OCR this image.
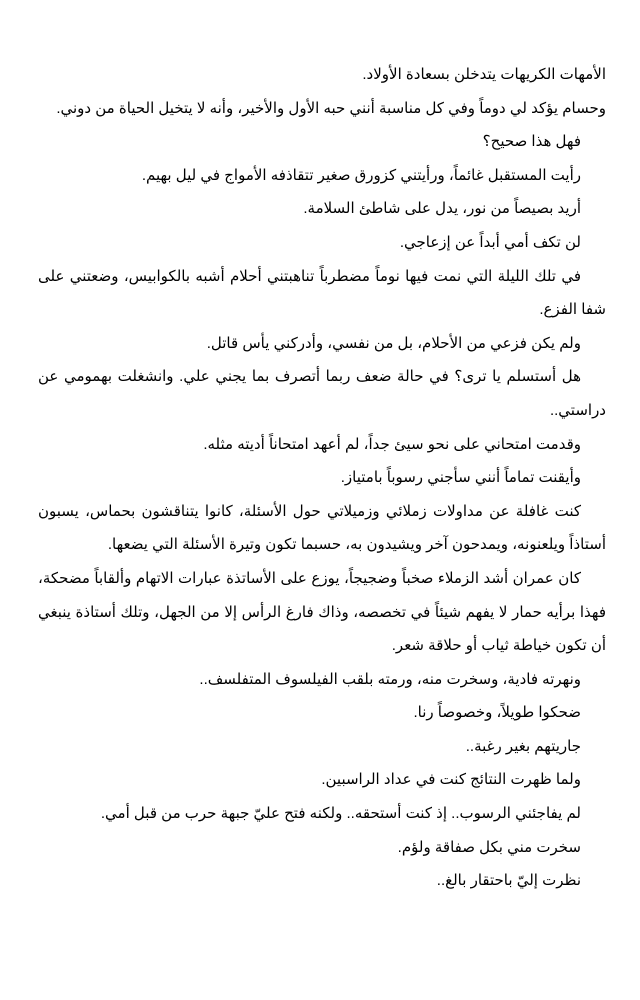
الأمهات الكريهات يتدخلن بسعادة الأولاد.

وحسام يؤكد لي دوماً وفي كل مناسبة أنني حبه الأول والأخير، وأنه لا يتخيل الحياة من دوني.

فهل هذا صحيح؟

رأيت المستقبل غائماً، ورأيتني كزورق صغير تتقاذفه الأمواج في ليل بهيم.

أريد بصيصاً من نور، يدل على شاطئ السلامة.

لن تكف أمي أبداً عن إزعاجي.

في تلك الليلة التي نمت فيها نوماً مضطرباً تناهبتني أحلام أشبه بالكوابيس، وضعتني على شفا الفزع.

ولم يكن فزعي من الأحلام، بل من نفسي، وأدركني يأس قاتل.

هل أستسلم يا ترى؟ في حالة ضعف ربما أتصرف بما يجني علي. وانشغلت بهمومي عن دراستي..

وقدمت امتحاني على نحو سيئ جداً، لم أعهد امتحاناً أديته مثله.

وأيقنت تماماً أنني سأجني رسوباً بامتياز.

كنت غافلة عن مداولات زملائي وزميلاتي حول الأسئلة، كانوا يتناقشون بحماس، يسبون أستاذاً ويلعنونه، ويمدحون آخر ويشيدون به، حسبما تكون وتيرة الأسئلة التي يضعها.

كان عمران أشد الزملاء صخباً وضجيجاً، يوزع على الأساتذة عبارات الاتهام وألقاباً مضحكة، فهذا برأيه حمار لا يفهم شيئاً في تخصصه، وذاك فارغ الرأس إلا من الجهل، وتلك أستاذة ينبغي أن تكون خياطة ثياب أو حلاقة شعر.

ونهرته فادية، وسخرت منه، ورمته بلقب الفيلسوف المتفلسف..

ضحكوا طويلاً، وخصوصاً رنا.

جاريتهم بغير رغبة..

ولما ظهرت النتائج كنت في عداد الراسبين.

لم يفاجئني الرسوب.. إذ كنت أستحقه.. ولكنه فتح عليّ جبهة حرب من قبل أمي.

سخرت مني بكل صفاقة ولؤم.

نظرت إليّ باحتقار بالغ..
